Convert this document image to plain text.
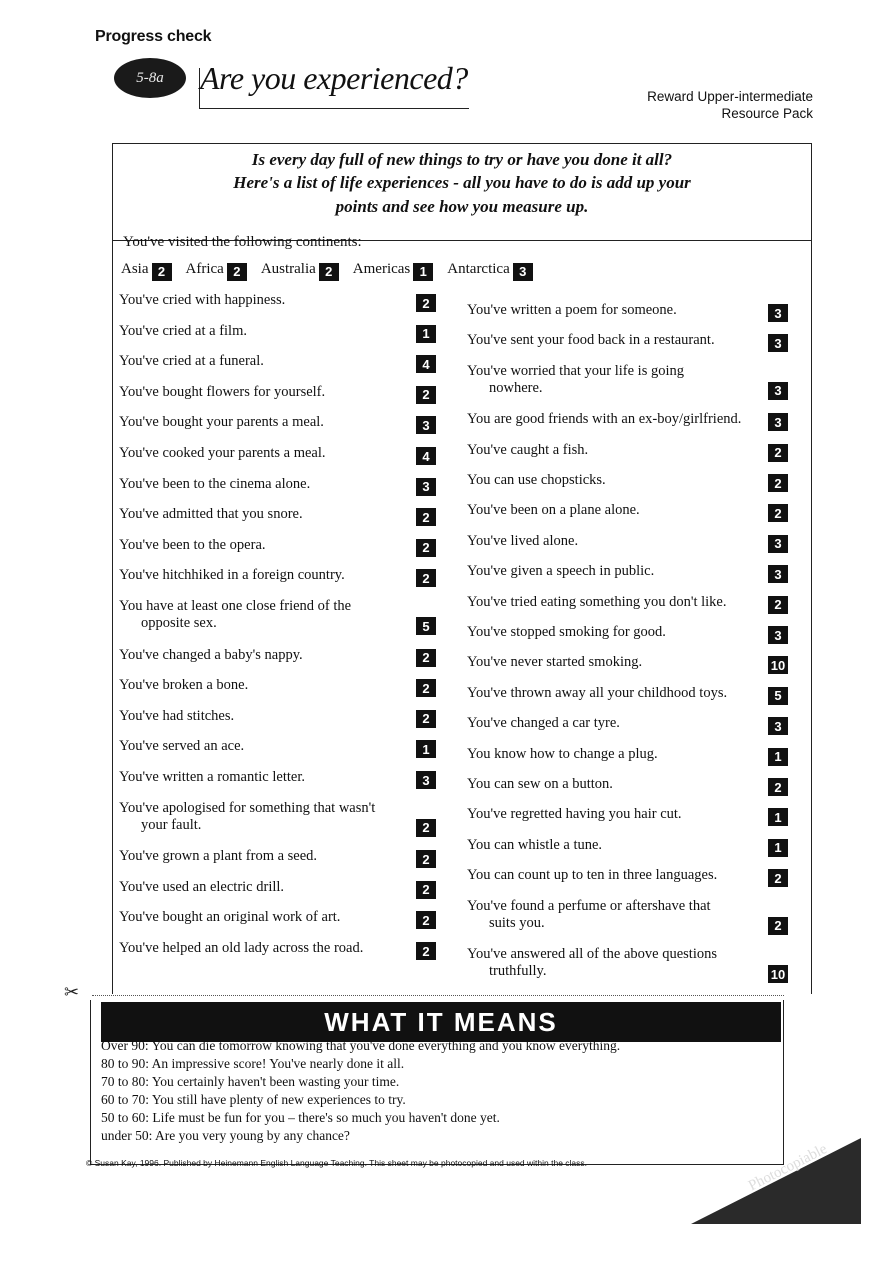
Progress check
5-8a	Are you experienced?
Reward Upper-intermediate
Resource Pack
Is every day full of new things to try or have you done it all?
Here's a list of life experiences - all you have to do is add up your
points and see how you measure up.
You've visited the following continents:
Asia 2 Africa 2 Australia 2 Americas 1 Antarctica 3
You've cried with happiness.	2
You've cried at a film.	1
You've cried at a funeral.	4
You've bought flowers for yourself.	2
You've bought your parents a meal.	3
You've cooked your parents a meal.	4
You've been to the cinema alone.	3
You've admitted that you snore.	2
You've been to the opera.	2
You've hitchhiked in a foreign country.	2
You have at least one close friend of the
opposite sex.	5
You've changed a baby's nappy.	2
You've broken a bone.	2
You've had stitches.	2
You've served an ace.	1
You've written a romantic letter.	3
You've apologised for something that wasn't
your fault.	2
You've grown a plant from a seed.	2
You've used an electric drill.	2
You've bought an original work of art.	2
You've helped an old lady across the road.	2
You've written a poem for someone.	3
You've sent your food back in a restaurant.	3
You've worried that your life is going
nowhere.	3
You are good friends with an ex-boy/girlfriend.	3
You've caught a fish.	2
You can use chopsticks.	2
You've been on a plane alone.	2
You've lived alone.	3
You've given a speech in public.	3
You've tried eating something you don't like.	2
You've stopped smoking for good.	3
You've never started smoking.	10
You've thrown away all your childhood toys.	5
You've changed a car tyre.	3
You know how to change a plug.	1
You can sew on a button.	2
You've regretted having you hair cut.	1
You can whistle a tune.	1
You can count up to ten in three languages.	2
You've found a perfume or aftershave that
suits you.	2
You've answered all of the above questions
truthfully.	10
✂
WHAT IT MEANS
Over 90: You can die tomorrow knowing that you've done everything and you know everything.
80 to 90: An impressive score! You've nearly done it all.
70 to 80: You certainly haven't been wasting your time.
60 to 70: You still have plenty of new experiences to try.
50 to 60: Life must be fun for you – there's so much you haven't done yet.
under 50: Are you very young by any chance?
© Susan Kay, 1996. Published by Heinemann English Language Teaching. This sheet may be photocopied and used within the class.	Photocopiable
